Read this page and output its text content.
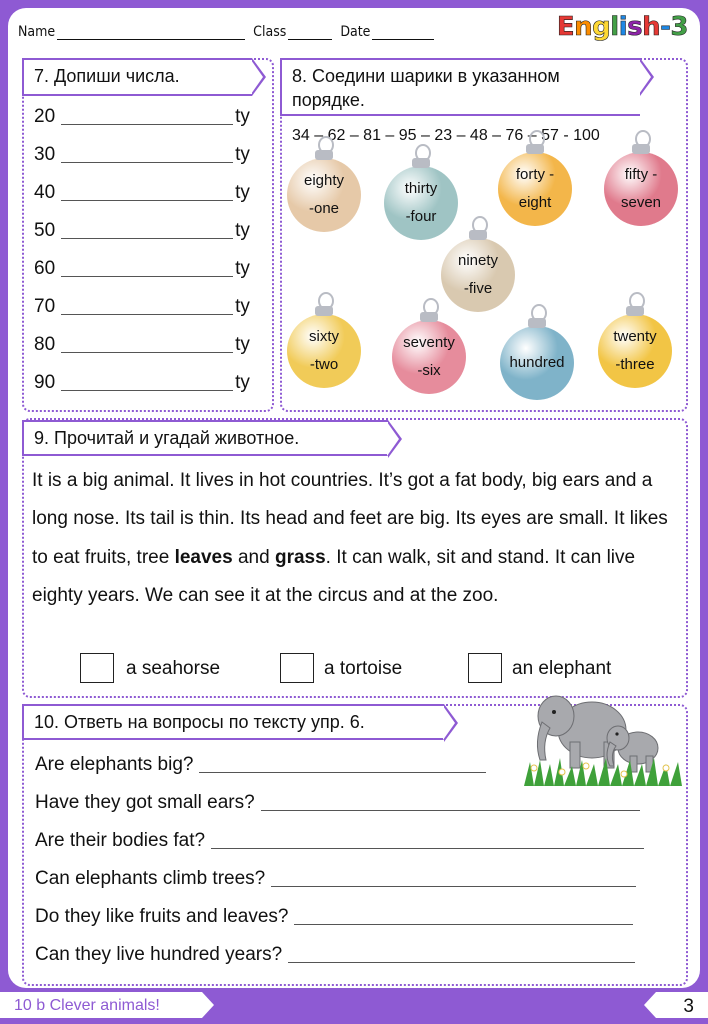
Name	Class	Date	English-3
7. Допиши числа.
20	ty
30	ty
40	ty
50	ty
60	ty
70	ty
80	ty
90	ty
8. Соедини шарики в указанном
порядке.
34 – 62 – 81 – 95 – 23 – 48 – 76 – 57 - 100
eighty
-one
thirty
-four
forty -
eight
fifty -
seven
ninety
-five
sixty
-two
seventy
-six	hundred
twenty
-three
9. Прочитай и угадай животное.
It is a big animal. It lives in hot countries. It’s got a fat body, big ears and a long nose. Its tail is thin. Its head and feet are big. Its eyes are small. It likes to eat fruits, tree leaves and grass. It can walk, sit and stand. It can live eighty years. We can see it at the circus and at the zoo.
a seahorse	a tortoise	an elephant
10. Ответь на вопросы по тексту упр. 6.
Are elephants big?
Have they got small ears?
Are their bodies fat?
Can elephants climb trees?
Do they like fruits and leaves?
Can they live hundred years?
10 b Clever animals!	3
